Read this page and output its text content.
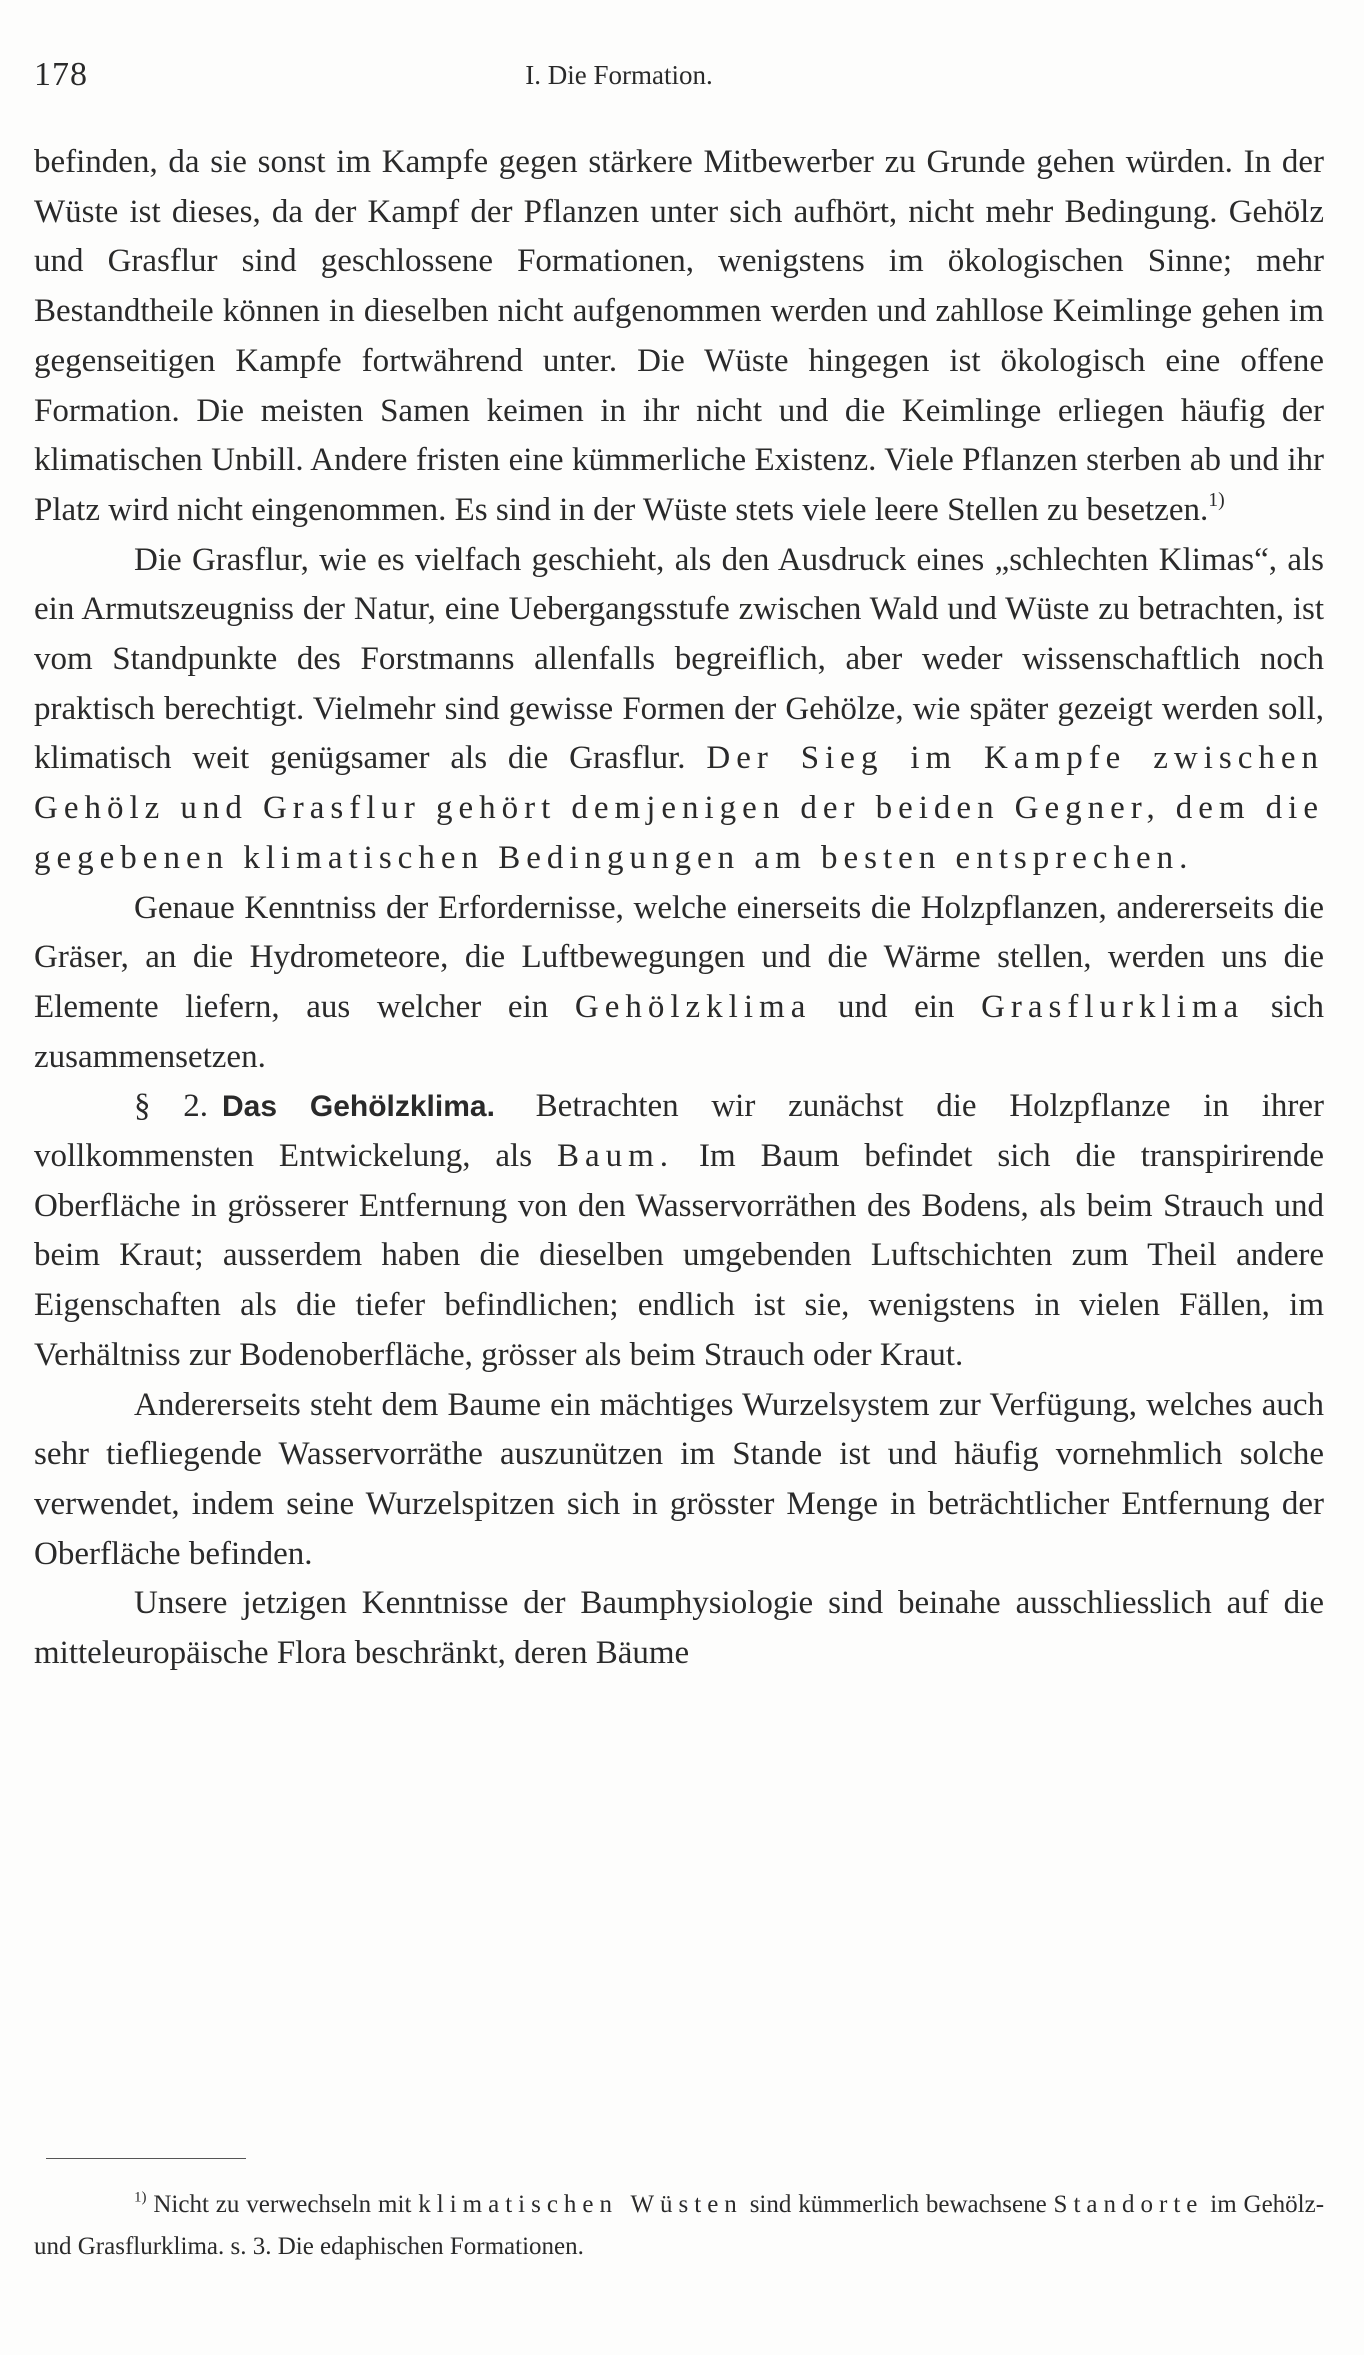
178	I. Die Formation.

befinden, da sie sonst im Kampfe gegen stärkere Mitbewerber zu Grunde gehen würden. In der Wüste ist dieses, da der Kampf der Pflanzen unter sich aufhört, nicht mehr Bedingung. Gehölz und Grasflur sind geschlossene Formationen, wenigstens im ökologischen Sinne; mehr Bestandtheile können in dieselben nicht aufgenommen werden und zahllose Keimlinge gehen im gegenseitigen Kampfe fortwährend unter. Die Wüste hingegen ist ökologisch eine offene Formation. Die meisten Samen keimen in ihr nicht und die Keimlinge erliegen häufig der klimatischen Unbill. Andere fristen eine kümmerliche Existenz. Viele Pflanzen sterben ab und ihr Platz wird nicht eingenommen. Es sind in der Wüste stets viele leere Stellen zu besetzen.$^{1)}$

Die Grasflur, wie es vielfach geschieht, als den Ausdruck eines „schlechten Klimas“, als ein Armutszeugniss der Natur, eine Uebergangsstufe zwischen Wald und Wüste zu betrachten, ist vom Standpunkte des Forstmanns allenfalls begreiflich, aber weder wissenschaftlich noch praktisch berechtigt. Vielmehr sind gewisse Formen der Gehölze, wie später gezeigt werden soll, klimatisch weit genügsamer als die Grasflur. Der Sieg im Kampfe zwischen Gehölz und Grasflur gehört demjenigen der beiden Gegner, dem die gegebenen klimatischen Bedingungen am besten entsprechen.

Genaue Kenntniss der Erfordernisse, welche einerseits die Holzpflanzen, andererseits die Gräser, an die Hydrometeore, die Luftbewegungen und die Wärme stellen, werden uns die Elemente liefern, aus welcher ein Gehölzklima und ein Grasflurklima sich zusammensetzen.

§ 2. Das Gehölzklima. Betrachten wir zunächst die Holzpflanze in ihrer vollkommensten Entwickelung, als Baum. Im Baum befindet sich die transpirirende Oberfläche in grösserer Entfernung von den Wasservorräthen des Bodens, als beim Strauch und beim Kraut; ausserdem haben die dieselben umgebenden Luftschichten zum Theil andere Eigenschaften als die tiefer befindlichen; endlich ist sie, wenigstens in vielen Fällen, im Verhältniss zur Bodenoberfläche, grösser als beim Strauch oder Kraut.

Andererseits steht dem Baume ein mächtiges Wurzelsystem zur Verfügung, welches auch sehr tiefliegende Wasservorräthe auszunützen im Stande ist und häufig vornehmlich solche verwendet, indem seine Wurzelspitzen sich in grösster Menge in beträchtlicher Entfernung der Oberfläche befinden.

Unsere jetzigen Kenntnisse der Baumphysiologie sind beinahe ausschliesslich auf die mitteleuropäische Flora beschränkt, deren Bäume

$^{1)}$ Nicht zu verwechseln mit klimatischen Wüsten sind kümmerlich bewachsene Standorte im Gehölz- und Grasflurklima. s. 3. Die edaphischen Formationen.
